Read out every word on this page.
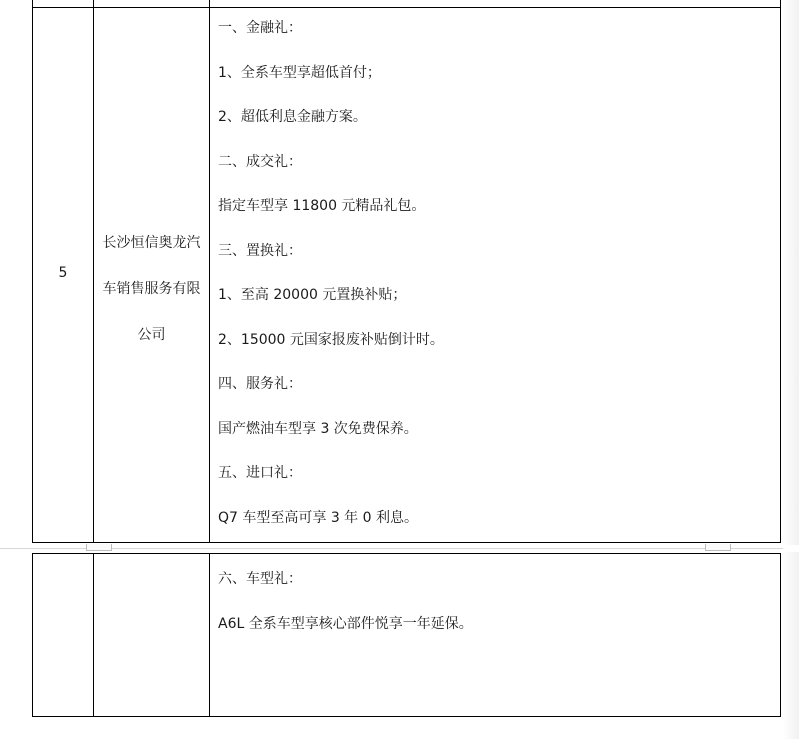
5
长沙恒信奥龙汽
车销售服务有限
公司

一、金融礼：

1、全系车型享超低首付；

2、超低利息金融方案。

二、成交礼：

指定车型享 11800 元精品礼包。

三、置换礼：

1、至高 20000 元置换补贴；

2、15000 元国家报废补贴倒计时。

四、服务礼：

国产燃油车型享 3 次免费保养。

五、进口礼：

Q7 车型至高可享 3 年 0 利息。

六、车型礼：

A6L 全系车型享核心部件悦享一年延保。
